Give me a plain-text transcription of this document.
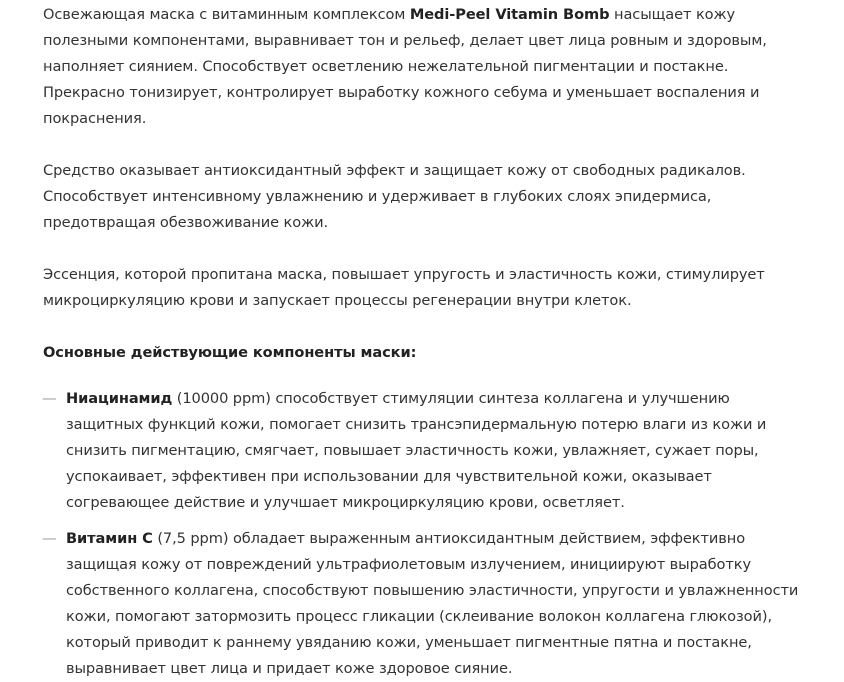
Освежающая маска с витаминным комплексом Medi-Peel Vitamin Bomb насыщает кожу полезными компонентами, выравнивает тон и рельеф, делает цвет лица ровным и здоровым, наполняет сиянием. Способствует осветлению нежелательной пигментации и постакне. Прекрасно тонизирует, контролирует выработку кожного себума и уменьшает воспаления и покраснения.

Средство оказывает антиоксидантный эффект и защищает кожу от свободных радикалов. Способствует интенсивному увлажнению и удерживает в глубоких слоях эпидермиса, предотвращая обезвоживание кожи.

Эссенция, которой пропитана маска, повышает упругость и эластичность кожи, стимулирует микроциркуляцию крови и запускает процессы регенерации внутри клеток.

Основные действующие компоненты маски:

— Ниацинамид (10000 ppm) способствует стимуляции синтеза коллагена и улучшению защитных функций кожи, помогает снизить трансэпидермальную потерю влаги из кожи и снизить пигментацию, смягчает, повышает эластичность кожи, увлажняет, сужает поры, успокаивает, эффективен при использовании для чувствительной кожи, оказывает согревающее действие и улучшает микроциркуляцию крови, осветляет.
— Витамин С (7,5 ppm) обладает выраженным антиоксидантным действием, эффективно защищая кожу от повреждений ультрафиолетовым излучением, инициируют выработку собственного коллагена, способствуют повышению эластичности, упругости и увлажненности кожи, помогают затормозить процесс гликации (склеивание волокон коллагена глюкозой), который приводит к раннему увяданию кожи, уменьшает пигментные пятна и постакне, выравнивает цвет лица и придает коже здоровое сияние.
